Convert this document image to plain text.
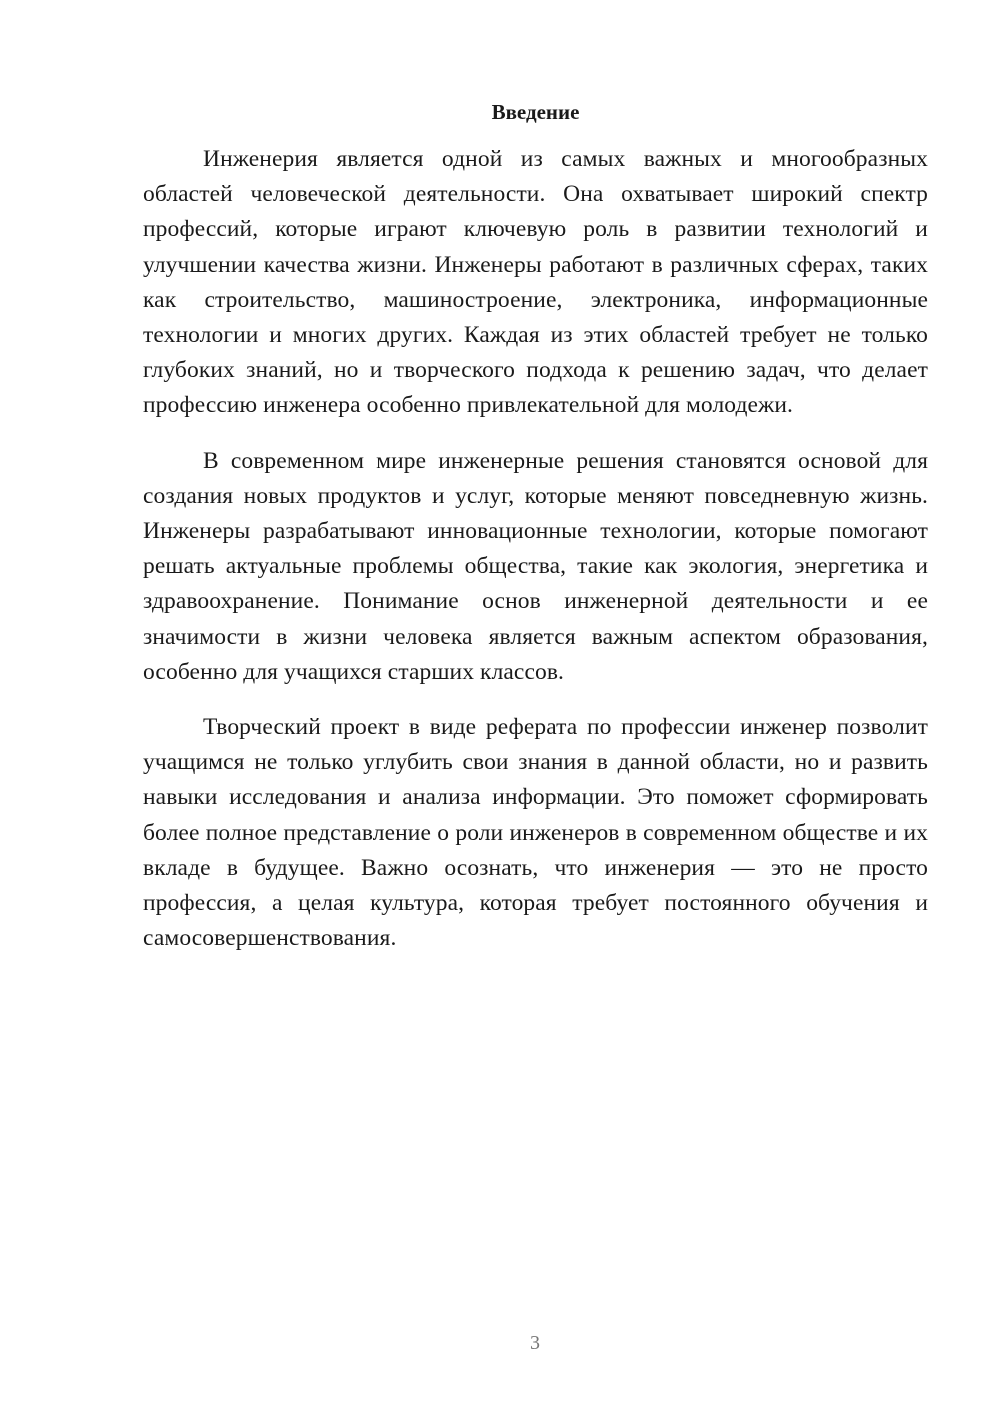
Введение

Инженерия является одной из самых важных и многообразных областей человеческой деятельности. Она охватывает широкий спектр профессий, которые играют ключевую роль в развитии технологий и улучшении качества жизни. Инженеры работают в различных сферах, таких как строительство, машиностроение, электроника, информационные технологии и многих других. Каждая из этих областей требует не только глубоких знаний, но и творческого подхода к решению задач, что делает профессию инженера особенно привлекательной для молодежи.

В современном мире инженерные решения становятся основой для создания новых продуктов и услуг, которые меняют повседневную жизнь. Инженеры разрабатывают инновационные технологии, которые помогают решать актуальные проблемы общества, такие как экология, энергетика и здравоохранение. Понимание основ инженерной деятельности и ее значимости в жизни человека является важным аспектом образования, особенно для учащихся старших классов.

Творческий проект в виде реферата по профессии инженер позволит учащимся не только углубить свои знания в данной области, но и развить навыки исследования и анализа информации. Это поможет сформировать более полное представление о роли инженеров в современном обществе и их вкладе в будущее. Важно осознать, что инженерия — это не просто профессия, а целая культура, которая требует постоянного обучения и самосовершенствования.

3
